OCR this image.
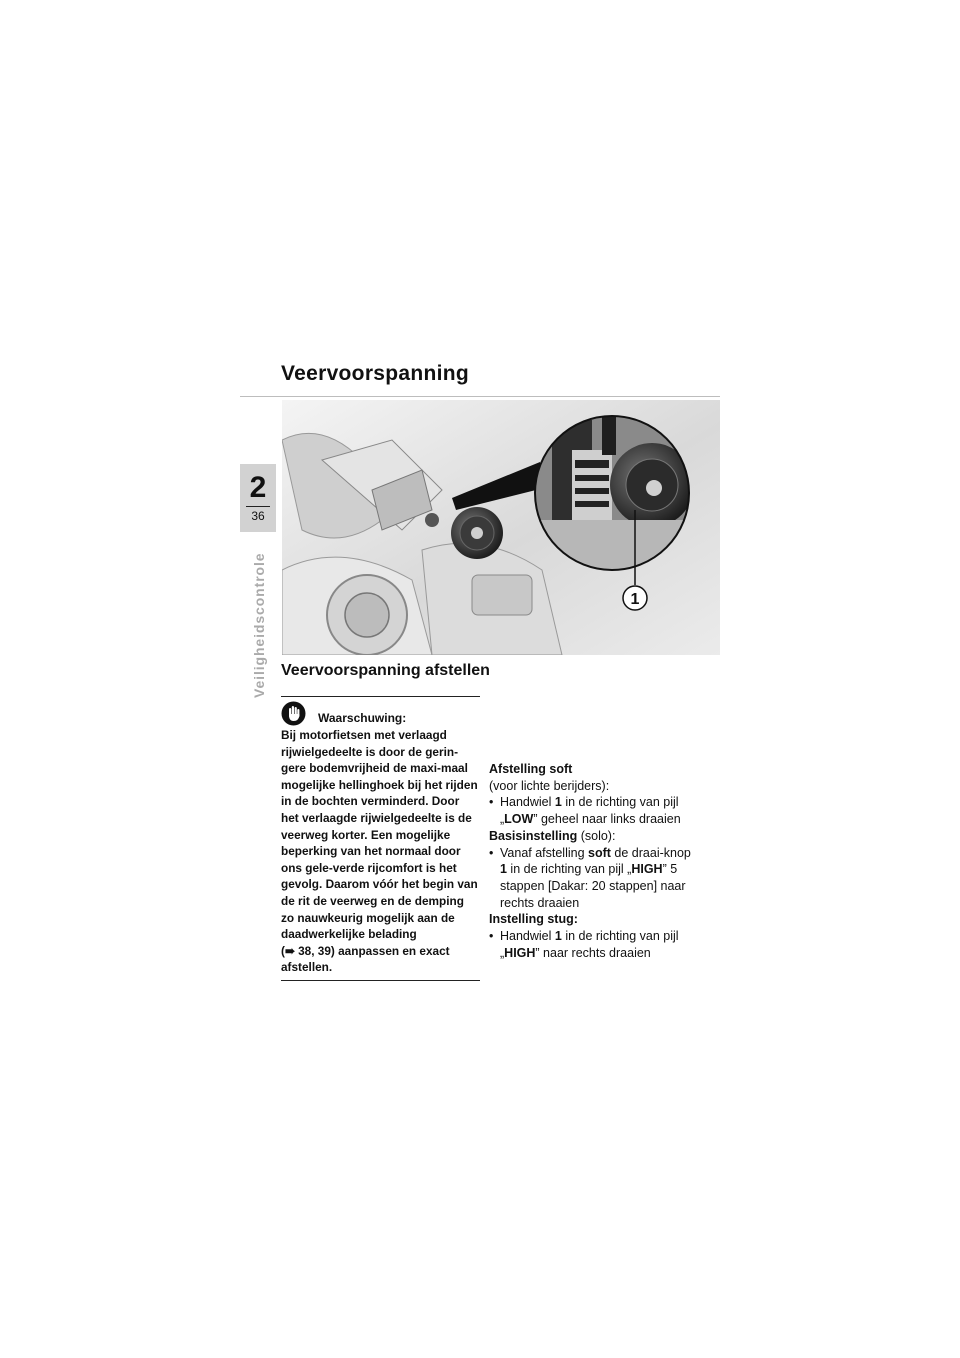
Veervoorspanning
2
36
Veiligheidscontrole	1
Veervoorspanning afstellen
Waarschuwing:

Bij motorfietsen met verlaagd rijwielgedeelte is door de gerin-gere bodemvrijheid de maxi-maal mogelijke hellinghoek bij het rijden in de bochten verminderd. Door het verlaagde rijwielgedeelte is de veerweg korter. Een mogelijke beperking van het normaal door ons gele-verde rijcomfort is het gevolg. Daarom vóór het begin van de rit de veerweg en de demping zo nauwkeurig mogelijk aan de daadwerkelijke belading
(➠ 38, 39) aanpassen en exact afstellen.

Afstelling soft
(voor lichte berijders):
• Handwiel 1 in de richting van pijl „LOW” geheel naar links draaien
Basisinstelling (solo):
• Vanaf afstelling soft de draai-knop 1 in de richting van pijl „HIGH” 5 stappen [Dakar: 20 stappen] naar rechts draaien
Instelling stug:
• Handwiel 1 in de richting van pijl „HIGH” naar rechts draaien
